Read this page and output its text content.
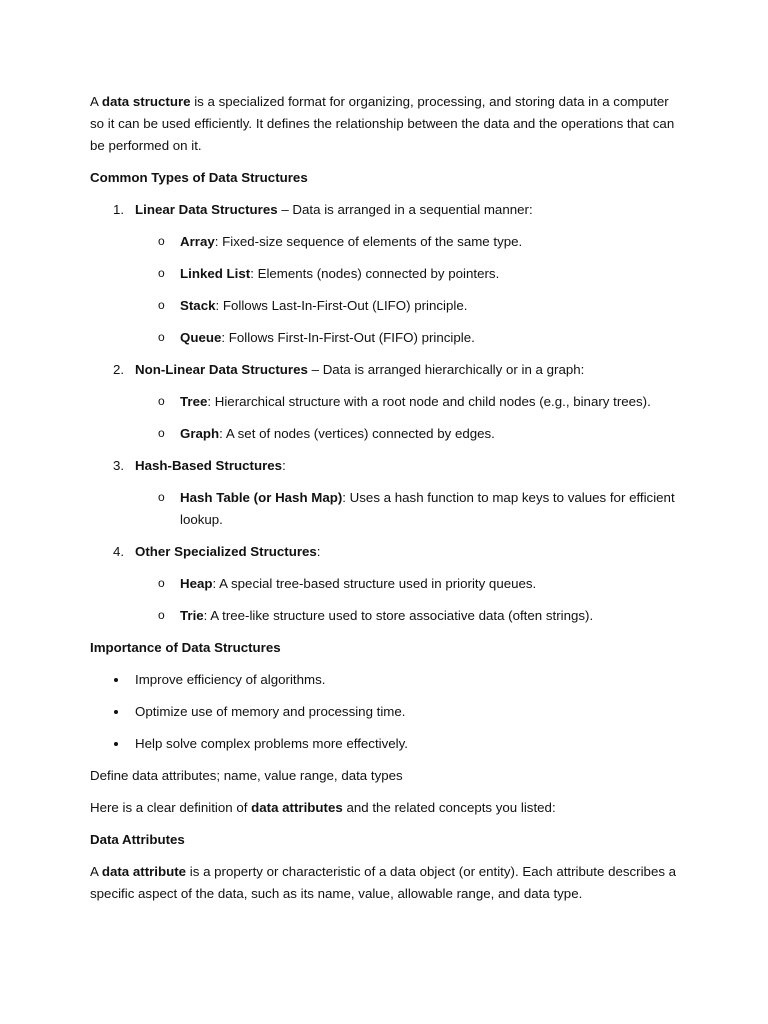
A data structure is a specialized format for organizing, processing, and storing data in a computer so it can be used efficiently. It defines the relationship between the data and the operations that can be performed on it.

Common Types of Data Structures

1. Linear Data Structures – Data is arranged in a sequential manner:

o Array: Fixed-size sequence of elements of the same type.

o Linked List: Elements (nodes) connected by pointers.

o Stack: Follows Last-In-First-Out (LIFO) principle.

o Queue: Follows First-In-First-Out (FIFO) principle.

2. Non-Linear Data Structures – Data is arranged hierarchically or in a graph:

o Tree: Hierarchical structure with a root node and child nodes (e.g., binary trees).

o Graph: A set of nodes (vertices) connected by edges.

3. Hash-Based Structures:

o Hash Table (or Hash Map): Uses a hash function to map keys to values for efficient lookup.

4. Other Specialized Structures:

o Heap: A special tree-based structure used in priority queues.

o Trie: A tree-like structure used to store associative data (often strings).

Importance of Data Structures

Improve efficiency of algorithms.

Optimize use of memory and processing time.

Help solve complex problems more effectively.

Define data attributes; name, value range, data types

Here is a clear definition of data attributes and the related concepts you listed:

Data Attributes

A data attribute is a property or characteristic of a data object (or entity). Each attribute describes a specific aspect of the data, such as its name, value, allowable range, and data type.
